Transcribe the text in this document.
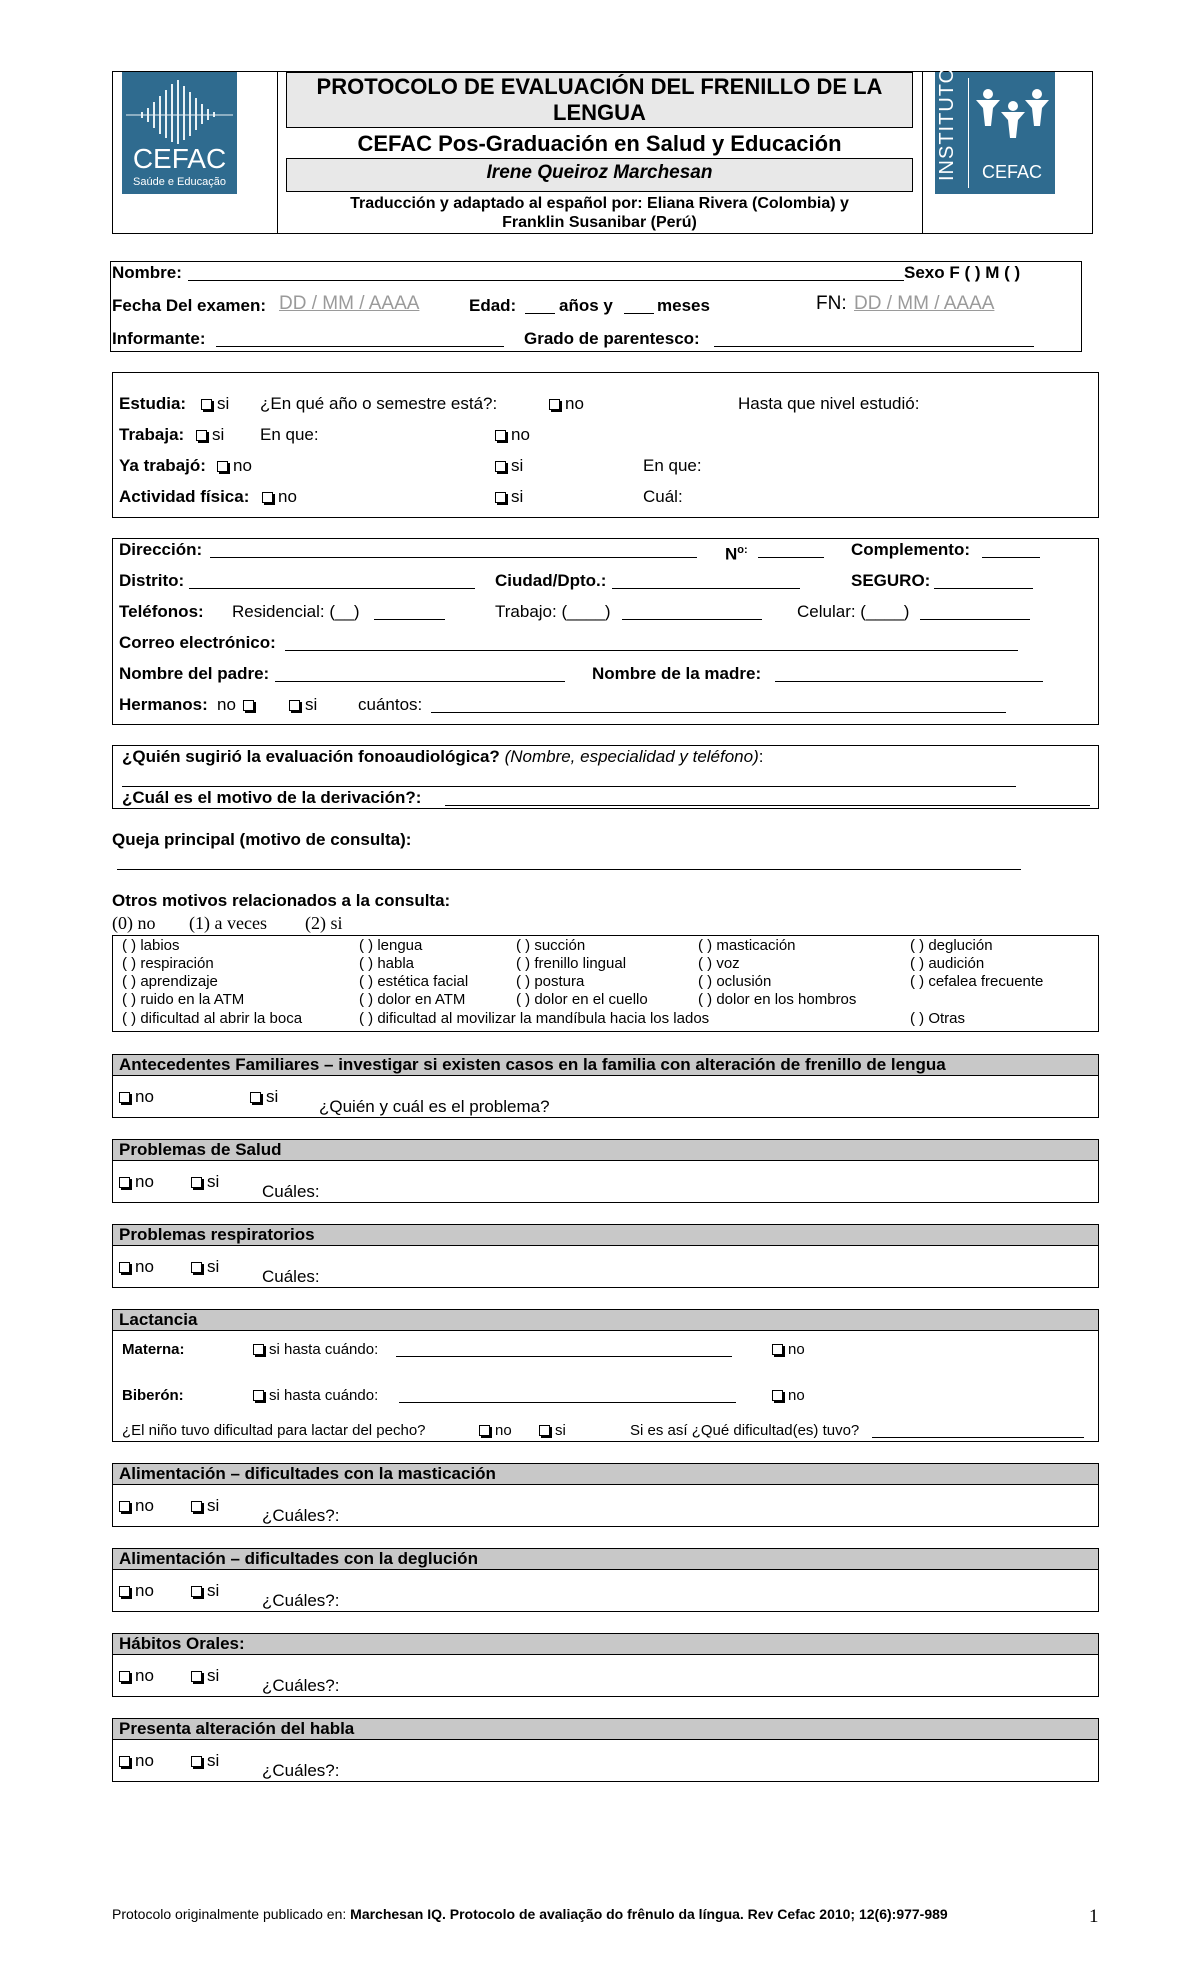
CEFAC
Saúde e Educação
INSTITUTO	CEFAC
PROTOCOLO DE EVALUACIÓN DEL FRENILLO DE LA
LENGUA
CEFAC Pos-Graduación en Salud y Educación
Irene Queiroz Marchesan
Traducción y adaptado al español por: Eliana Rivera (Colombia) y
Franklin Susanibar (Perú)
Nombre:	Sexo F ( ) M ( )
Fecha Del examen: DD / MM / AAAA	Edad:	años y	meses	FN: DD / MM / AAAA
Informante:	Grado de parentesco:
Estudia:	si ¿En qué año o semestre está?:	no	Hasta que nivel estudió:
Trabaja:	si En que:	no
Ya trabajó:	no	si	En que:
Actividad física:	no	si	Cuál:
Dirección:	$N^{o:}$	Complemento:
Distrito:	Ciudad/Dpto.:	SEGURO:
Teléfonos: Residencial: (__)	Trabajo: (____)	Celular: (____)
Correo electrónico:
Nombre del padre:	Nombre de la madre:
Hermanos: no	si cuántos:
¿Quién sugirió la evaluación fonoaudiológica? (Nombre, especialidad y teléfono):
¿Cuál es el motivo de la derivación?:
Queja principal (motivo de consulta):
Otros motivos relacionados a la consulta:
(0) no (1) a veces (2) si
( ) labios	( ) lengua	( ) succión	( ) masticación	( ) deglución
( ) respiración	( ) habla	( ) frenillo lingual	( ) voz	( ) audición
( ) aprendizaje	( ) estética facial	( ) postura	( ) oclusión	( ) cefalea frecuente
( ) ruido en la ATM	( ) dolor en ATM	( ) dolor en el cuello	( ) dolor en los hombros
( ) dificultad al abrir la boca	( ) dificultad al movilizar la mandíbula hacia los lados	( ) Otras
Antecedentes Familiares – investigar si existen casos en la familia con alteración de frenillo de lengua
no	si
¿Quién y cuál es el problema?
Problemas de Salud
no	si
Cuáles:
Problemas respiratorios
no	si
Cuáles:
Lactancia
Materna:	si hasta cuándo:	no
Biberón:	si hasta cuándo:	no
¿El niño tuvo dificultad para lactar del pecho?	no	si	Si es así ¿Qué dificultad(es) tuvo?
Alimentación – dificultades con la masticación
no	si
¿Cuáles?:
Alimentación – dificultades con la deglución
no	si
¿Cuáles?:
Hábitos Orales:
no	si
¿Cuáles?:
Presenta alteración del habla
no	si
¿Cuáles?:
Protocolo originalmente publicado en: Marchesan IQ. Protocolo de avaliação do frênulo da língua. Rev Cefac 2010; 12(6):977-989	1
